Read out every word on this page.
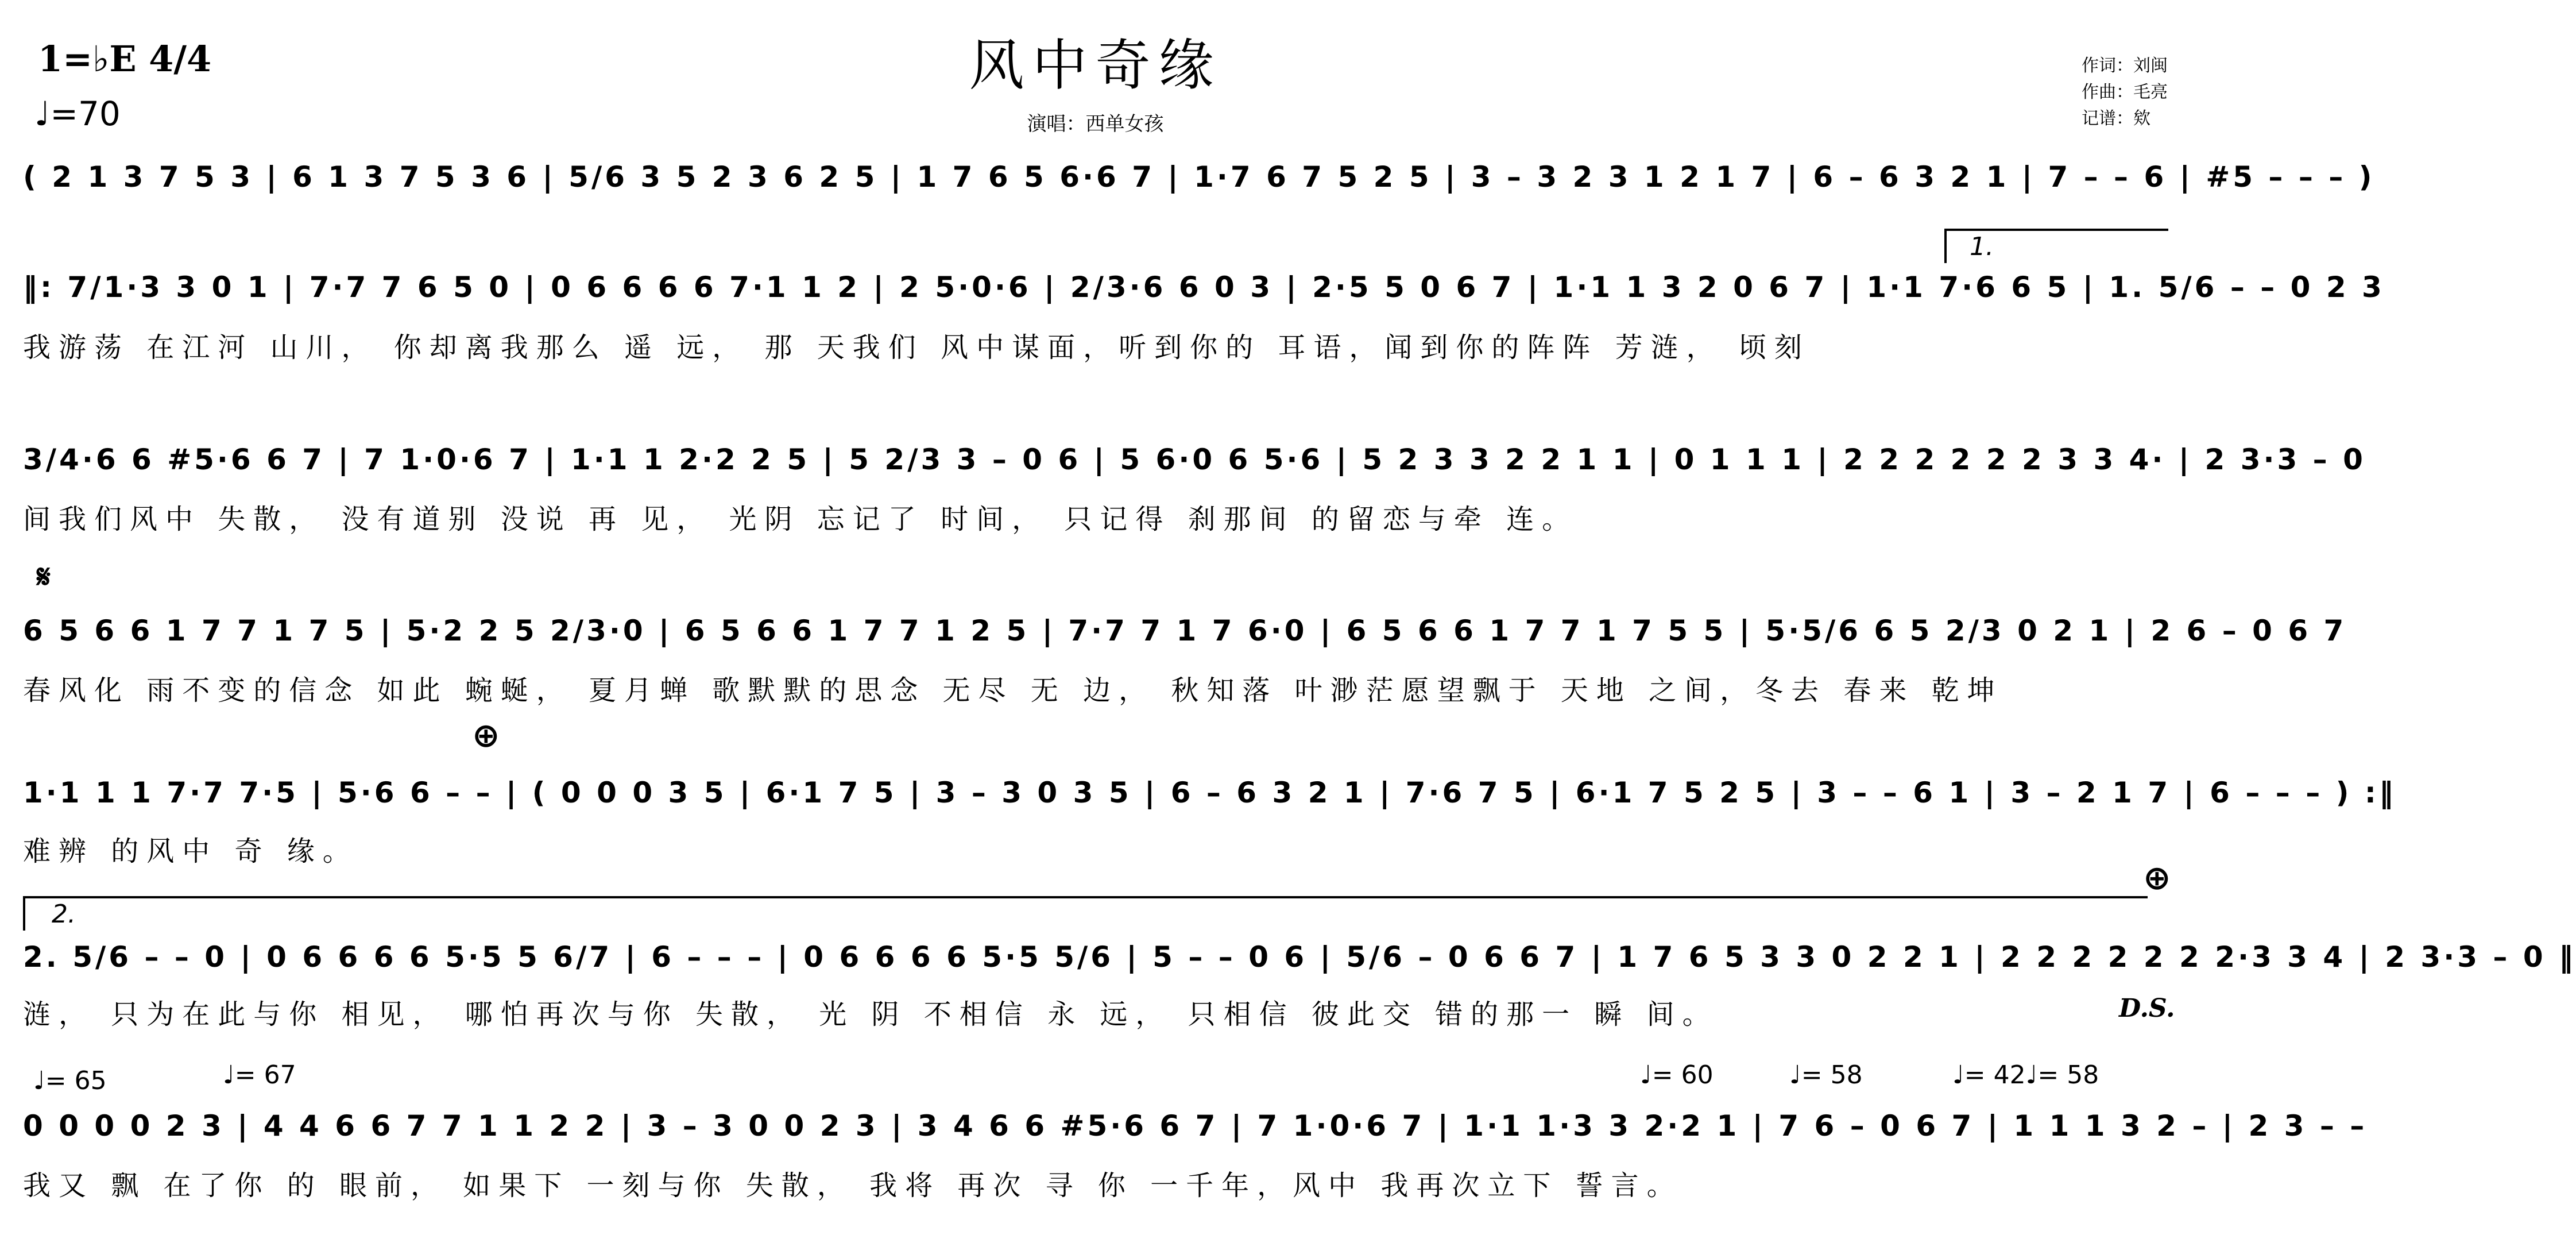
风中奇缘
演唱：西单女孩
1=♭E 4/4
♩=70
作词：刘闽
作曲：毛亮
记谱：欸
( 2 1 3 7 5 3 | 6 1 3 7 5 3 6 | 5/6 3 5 2 3 6 2 5 | 1 7 6 5 6·6 7 | 1·7 6 7 5 2 5 | 3 – 3 2 3 1 2 1 7 | 6 – 6 3 2 1 | 7 – – 6 | #5 – – – )
1.
‖: 7/1·3 3 0 1 | 7·7 7 6 5 0 | 0 6 6 6 6 7·1 1 2 | 2 5·0·6 | 2/3·6 6 0 3 | 2·5 5 0 6 7 | 1·1 1 3 2 0 6 7 | 1·1 7·6 6 5 | 1. 5/6 – – 0 2 3
我游荡 在江河 山川， 你却离我那么 遥 远， 那 天我们 风中谋面，听到你的 耳语，闻到你的阵阵 芳涟， 顷刻
3/4·6 6 #5·6 6 7 | 7 1·0·6 7 | 1·1 1 2·2 2 5 | 5 2/3 3 – 0 6 | 5 6·0 6 5·6 | 5 2 3 3 2 2 1 1 | 0 1 1 1 | 2 2 2 2 2 2 3 3 4· | 2 3·3 – 0
间我们风中 失散， 没有道别 没说 再 见， 光阴 忘记了 时间， 只记得 刹那间 的留恋与牵 连。
𝄋
6 5 6 6 1 7 7 1 7 5 | 5·2 2 5 2/3·0 | 6 5 6 6 1 7 7 1 2 5 | 7·7 7 1 7 6·0 | 6 5 6 6 1 7 7 1 7 5 5 | 5·5/6 6 5 2/3 0 2 1 | 2 6 – 0 6 7
春风化 雨不变的信念 如此 蜿蜒， 夏月蝉 歌默默的思念 无尽 无 边， 秋知落 叶渺茫愿望飘于 天地 之间，冬去 春来 乾坤
⊕
1·1 1 1 7·7 7·5 | 5·6 6 – – | ( 0 0 0 3 5 | 6·1 7 5 | 3 – 3 0 3 5 | 6 – 6 3 2 1 | 7·6 7 5 | 6·1 7 5 2 5 | 3 – – 6 1 | 3 – 2 1 7 | 6 – – – ) :‖
难辨 的风中 奇 缘。
2.
⊕
2. 5/6 – – 0 | 0 6 6 6 6 5·5 5 6/7 | 6 – – – | 0 6 6 6 6 5·5 5/6 | 5 – – 0 6 | 5/6 – 0 6 6 7 | 1 7 6 5 3 3 0 2 2 1 | 2 2 2 2 2 2 2·3 3 4 | 2 3·3 – 0 ‖
涟， 只为在此与你 相见， 哪怕再次与你 失散， 光 阴 不相信 永 远， 只相信 彼此交 错的那一 瞬 间。	D.S.
♩= 65	♩= 67	♩= 60	♩= 58	♩= 42♩= 58
0 0 0 0 2 3 | 4 4 6 6 7 7 1 1 2 2 | 3 – 3 0 0 2 3 | 3 4 6 6 #5·6 6 7 | 7 1·0·6 7 | 1·1 1·3 3 2·2 1 | 7 6 – 0 6 7 | 1 1 1 3 2 – | 2 3 – –
我又 飘 在了你 的 眼前， 如果下 一刻与你 失散， 我将 再次 寻 你 一千年，风中 我再次立下 誓言。
